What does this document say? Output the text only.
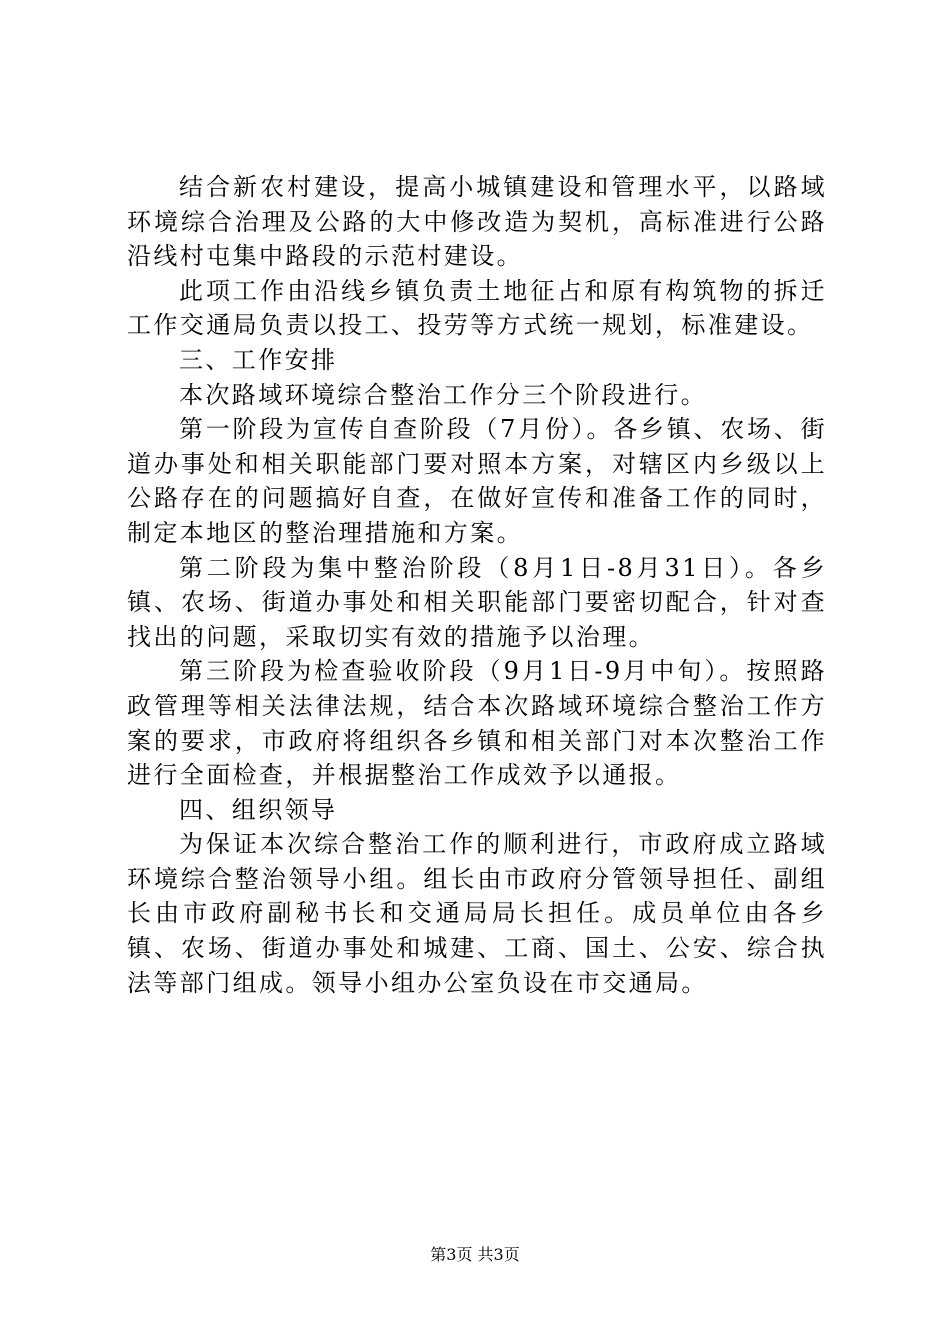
结合新农村建设，提高小城镇建设和管理水平，以路域环境综合治理及公路的大中修改造为契机，高标准进行公路沿线村屯集中路段的示范村建设。

此项工作由沿线乡镇负责土地征占和原有构筑物的拆迁工作交通局负责以投工、投劳等方式统一规划，标准建设。

三、工作安排

本次路域环境综合整治工作分三个阶段进行。

第一阶段为宣传自查阶段（7月份）。各乡镇、农场、街道办事处和相关职能部门要对照本方案，对辖区内乡级以上公路存在的问题搞好自查，在做好宣传和准备工作的同时，制定本地区的整治理措施和方案。

第二阶段为集中整治阶段（8月1日-8月31日）。各乡镇、农场、街道办事处和相关职能部门要密切配合，针对查找出的问题，采取切实有效的措施予以治理。

第三阶段为检查验收阶段（9月1日-9月中旬）。按照路政管理等相关法律法规，结合本次路域环境综合整治工作方案的要求，市政府将组织各乡镇和相关部门对本次整治工作进行全面检查，并根据整治工作成效予以通报。

四、组织领导

为保证本次综合整治工作的顺利进行，市政府成立路域环境综合整治领导小组。组长由市政府分管领导担任、副组长由市政府副秘书长和交通局局长担任。成员单位由各乡镇、农场、街道办事处和城建、工商、国土、公安、综合执法等部门组成。领导小组办公室负设在市交通局。

第3页 共3页
